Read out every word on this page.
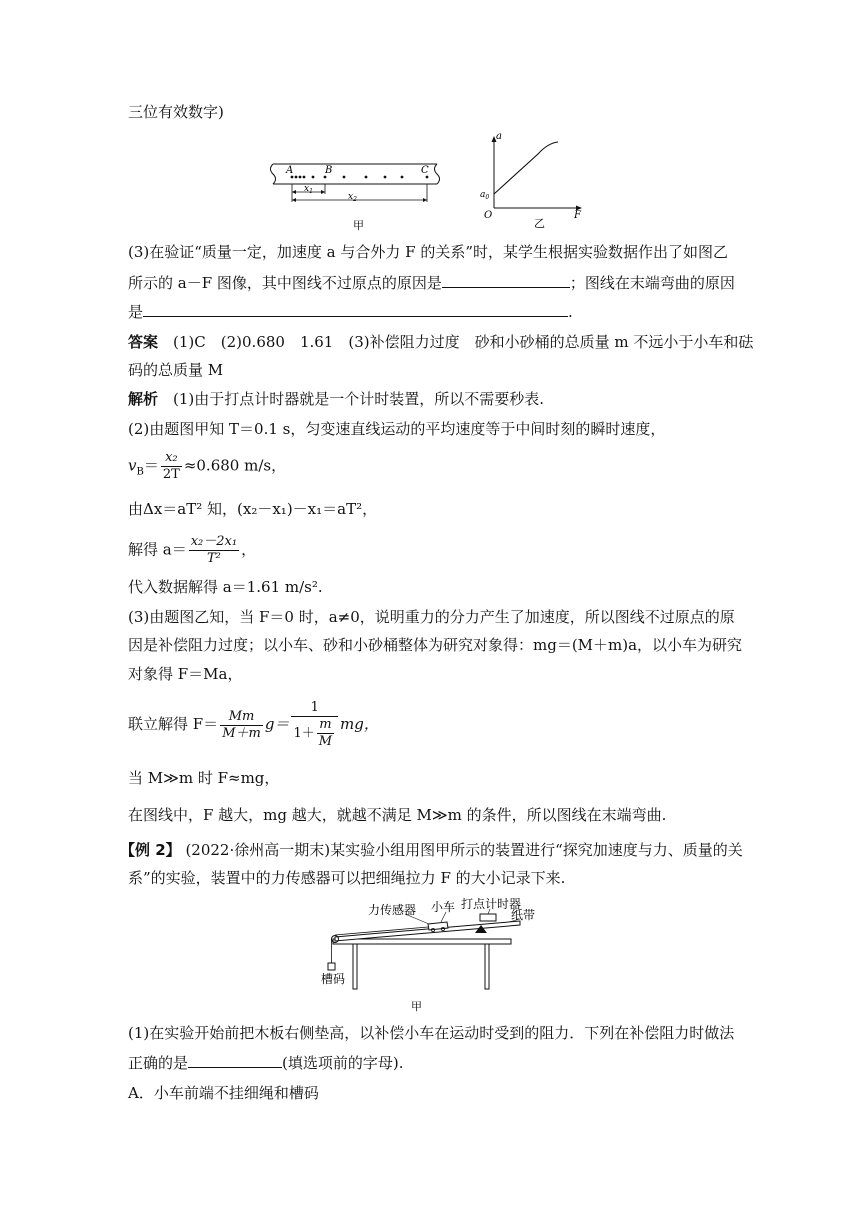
三位有效数字)
A	B	C
$x_1$
$x_2$
甲
a
F
O
$a_0$
乙
(3)在验证“质量一定，加速度 a 与合外力 F 的关系”时，某学生根据实验数据作出了如图乙
所示的 a－F 图像，其中图线不过原点的原因是	；图线在末端弯曲的原因
是	.
答案　 (1)C　(2)0.680　1.61　(3)补偿阻力过度　砂和小砂桶的总质量 m 不远小于小车和砝
码的总质量 M
解析　 (1)由于打点计时器就是一个计时装置，所以不需要秒表.
(2)由题图甲知 T＝0.1 s，匀变速直线运动的平均速度等于中间时刻的瞬时速度，
$v_B= \frac{\text{x₂}}{2T} \approx 0.680$ m/s，
由Δx＝aT² 知，(x₂－x₁)－x₁＝aT²，
解得 $a= \frac{\text{x₂－2x₁}}{\text{T²}}$ ，
代入数据解得 a＝1.61 m/s².
(3)由题图乙知，当 F＝0 时，a≠0，说明重力的分力产生了加速度，所以图线不过原点的原
因是补偿阻力过度；以小车、砂和小砂桶整体为研究对象得：mg＝(M＋m)a，以小车为研究
对象得 F＝Ma，
联立解得 $F= \frac{Mm}{M+m} g= \frac{1}{1+ \frac{m}{M}}$ mg，
当 M≫m 时 F≈mg，
在图线中，F 越大，mg 越大，就越不满足 M≫m 的条件，所以图线在末端弯曲.
【例 2】 (2022·徐州高一期末)某实验小组用图甲所示的装置进行“探究加速度与力、质量的关
系”的实验，装置中的力传感器可以把细绳拉力 F 的大小记录下来.
力传感器 小车 打点计时器
纸带
槽码
甲
(1)在实验开始前把木板右侧垫高，以补偿小车在运动时受到的阻力．下列在补偿阻力时做法
正确的是	(填选项前的字母).
A．小车前端不挂细绳和槽码
